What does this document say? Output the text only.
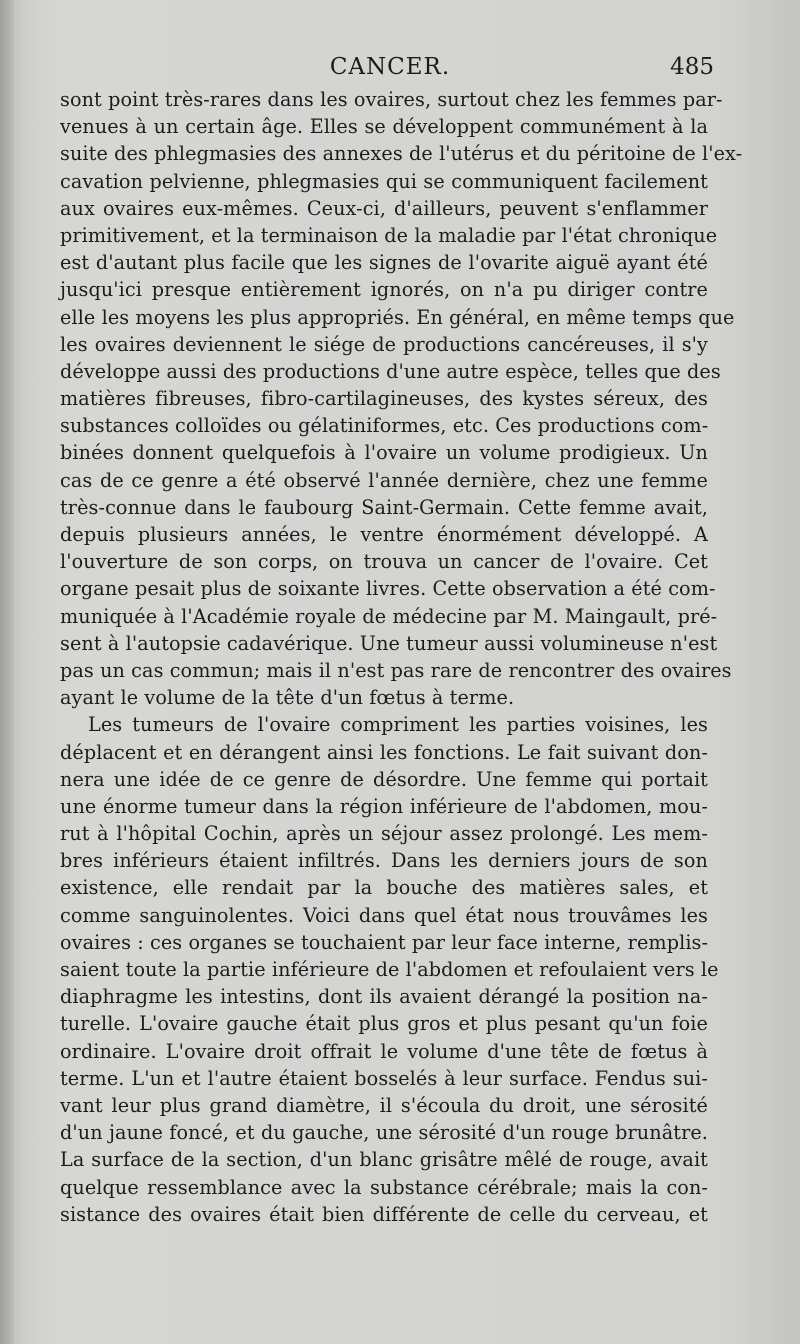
CANCER.	485
sont point très-rares dans les ovaires, surtout chez les femmes par-
venues à un certain âge. Elles se développent communément à la
suite des phlegmasies des annexes de l'utérus et du péritoine de l'ex-
cavation pelvienne, phlegmasies qui se communiquent facilement
aux ovaires eux-mêmes. Ceux-ci, d'ailleurs, peuvent s'enflammer
primitivement, et la terminaison de la maladie par l'état chronique
est d'autant plus facile que les signes de l'ovarite aiguë ayant été
jusqu'ici presque entièrement ignorés, on n'a pu diriger contre
elle les moyens les plus appropriés. En général, en même temps que
les ovaires deviennent le siége de productions cancéreuses, il s'y
développe aussi des productions d'une autre espèce, telles que des
matières fibreuses, fibro-cartilagineuses, des kystes séreux, des
substances colloïdes ou gélatiniformes, etc. Ces productions com-
binées donnent quelquefois à l'ovaire un volume prodigieux. Un
cas de ce genre a été observé l'année dernière, chez une femme
très-connue dans le faubourg Saint-Germain. Cette femme avait,
depuis plusieurs années, le ventre énormément développé. A
l'ouverture de son corps, on trouva un cancer de l'ovaire. Cet
organe pesait plus de soixante livres. Cette observation a été com-
muniquée à l'Académie royale de médecine par M. Maingault, pré-
sent à l'autopsie cadavérique. Une tumeur aussi volumineuse n'est
pas un cas commun; mais il n'est pas rare de rencontrer des ovaires
ayant le volume de la tête d'un fœtus à terme.
Les tumeurs de l'ovaire compriment les parties voisines, les
déplacent et en dérangent ainsi les fonctions. Le fait suivant don-
nera une idée de ce genre de désordre. Une femme qui portait
une énorme tumeur dans la région inférieure de l'abdomen, mou-
rut à l'hôpital Cochin, après un séjour assez prolongé. Les mem-
bres inférieurs étaient infiltrés. Dans les derniers jours de son
existence, elle rendait par la bouche des matières sales, et
comme sanguinolentes. Voici dans quel état nous trouvâmes les
ovaires : ces organes se touchaient par leur face interne, remplis-
saient toute la partie inférieure de l'abdomen et refoulaient vers le
diaphragme les intestins, dont ils avaient dérangé la position na-
turelle. L'ovaire gauche était plus gros et plus pesant qu'un foie
ordinaire. L'ovaire droit offrait le volume d'une tête de fœtus à
terme. L'un et l'autre étaient bosselés à leur surface. Fendus sui-
vant leur plus grand diamètre, il s'écoula du droit, une sérosité
d'un jaune foncé, et du gauche, une sérosité d'un rouge brunâtre.
La surface de la section, d'un blanc grisâtre mêlé de rouge, avait
quelque ressemblance avec la substance cérébrale; mais la con-
sistance des ovaires était bien différente de celle du cerveau, et
